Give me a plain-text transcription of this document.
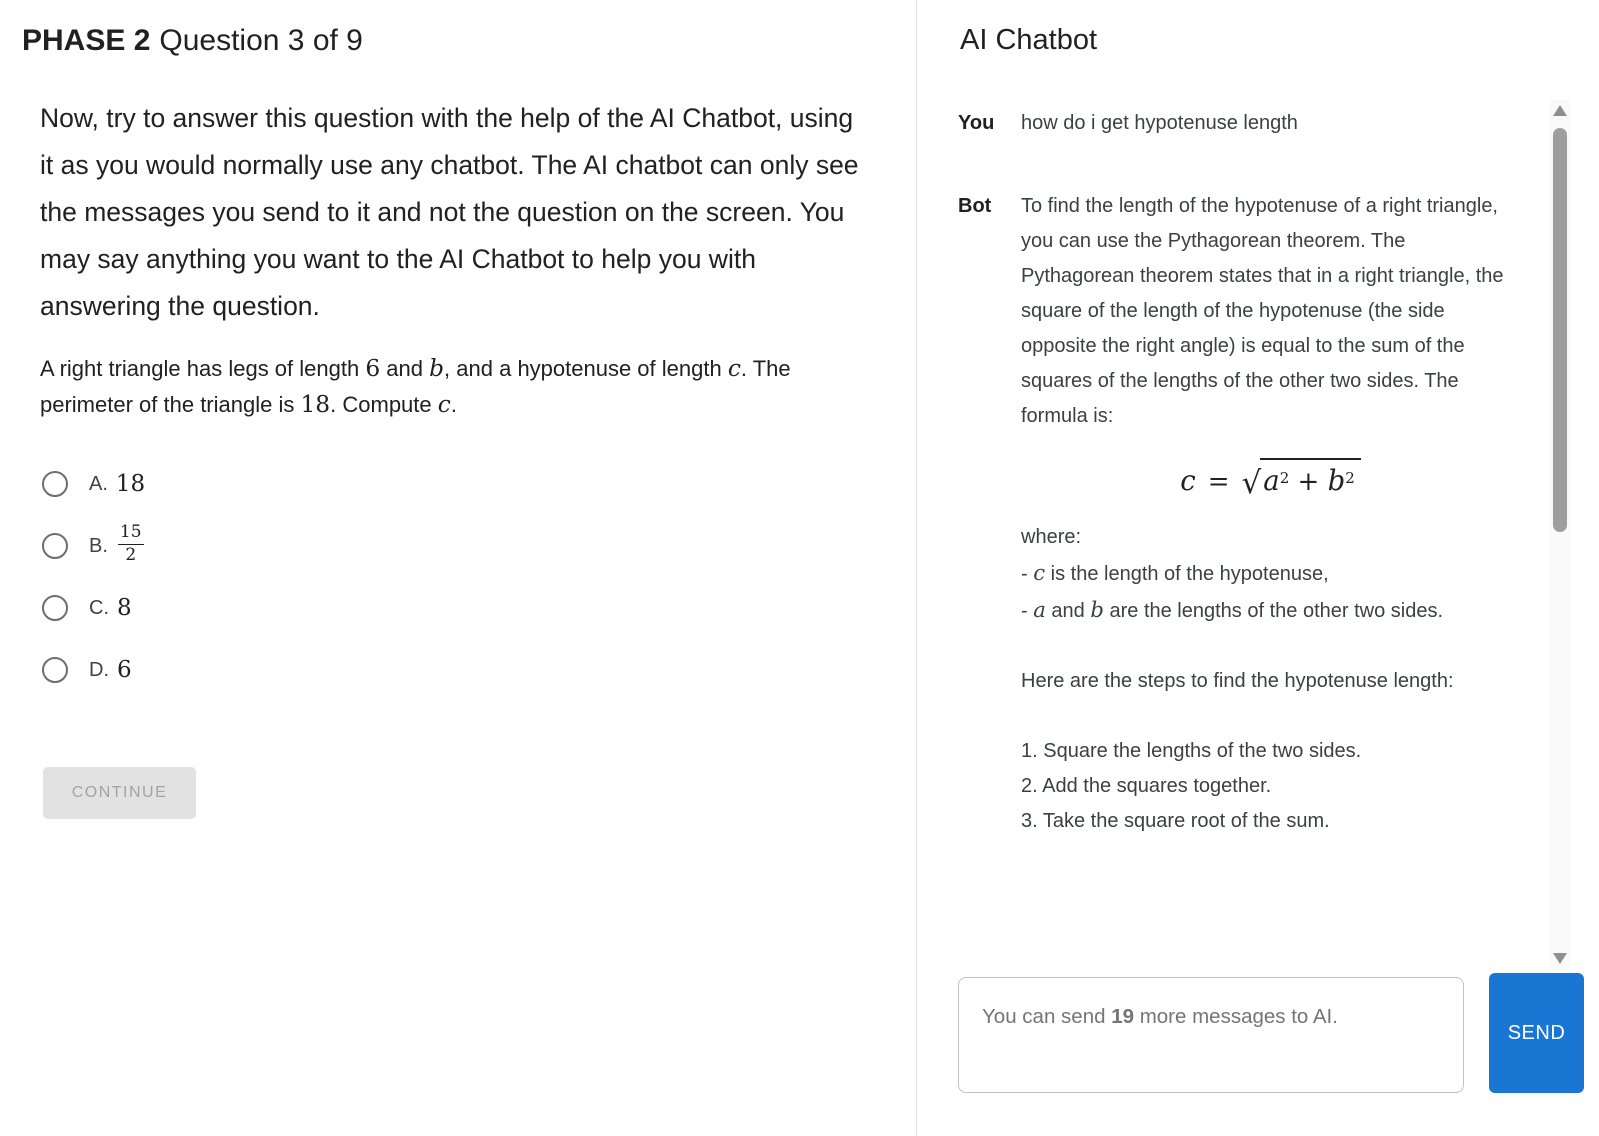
PHASE 2 Question 3 of 9

Now, try to answer this question with the help of the AI Chatbot, using it as you would normally use any chatbot. The AI chatbot can only see the messages you send to it and not the question on the screen. You may say anything you want to the AI Chatbot to help you with answering the question.

A right triangle has legs of length 6 and b, and a hypotenuse of length c. The perimeter of the triangle is 18. Compute c.

A. 18
B. $\frac{15}{2}$
C. 8
D. 6
CONTINUE
AI Chatbot
You	how do i get hypotenuse length
Bot	To find the length of the hypotenuse of a right triangle, you can use the Pythagorean theorem. The Pythagorean theorem states that in a right triangle, the square of the length of the hypotenuse (the side opposite the right angle) is equal to the sum of the squares of the lengths of the other two sides. The formula is:
$c = √a^2 + b^2$
where:
- c is the length of the hypotenuse,
- a and b are the lengths of the other two sides.
Here are the steps to find the hypotenuse length:
1. Square the lengths of the two sides.
2. Add the squares together.
3. Take the square root of the sum.
You can send 19 more messages to AI.
SEND
